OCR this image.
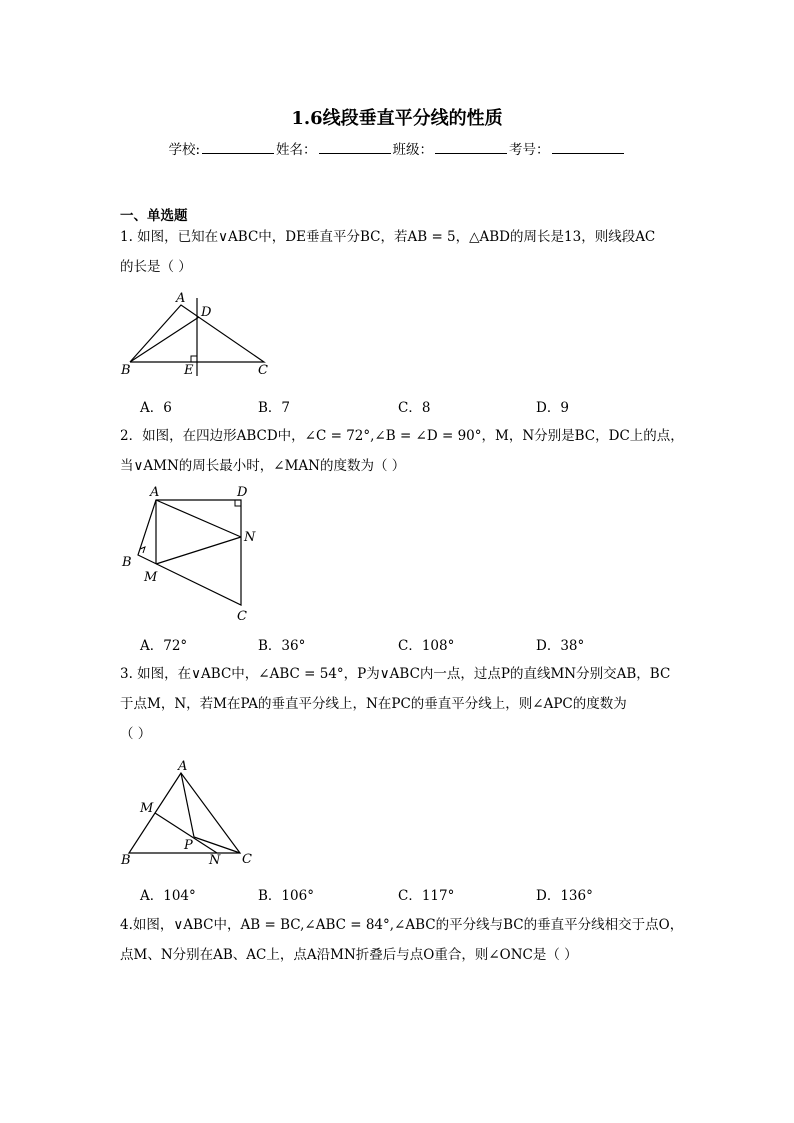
1.6线段垂直平分线的性质
学校:	姓名：	班级：	考号：
一、单选题

1. 如图，已知在∨ABC中，DE垂直平分BC，若AB = 5，△ABD的周长是13，则线段AC

的长是（ ）

A
D
B	E	C
A．6	B．7	C．8	D．9

2．如图，在四边形ABCD中，∠C = 72°,∠B = ∠D = 90°，M，N分别是BC，DC上的点，

当∨AMN的周长最小时，∠MAN的度数为（ ）

A	D
N
B
M
C
A．72°	B．36°	C．108°	D．38°

3. 如图，在∨ABC中，∠ABC = 54°，P为∨ABC内一点，过点P的直线MN分别交AB，BC

于点M，N，若M在PA的垂直平分线上，N在PC的垂直平分线上，则∠APC的度数为

（ ）

A
M
P
B	N C
A．104°	B．106°	C．117°	D．136°

4.如图，∨ABC中，AB = BC,∠ABC = 84°,∠ABC的平分线与BC的垂直平分线相交于点O，

点M、N分别在AB、AC上，点A沿MN折叠后与点O重合，则∠ONC是（ ）
